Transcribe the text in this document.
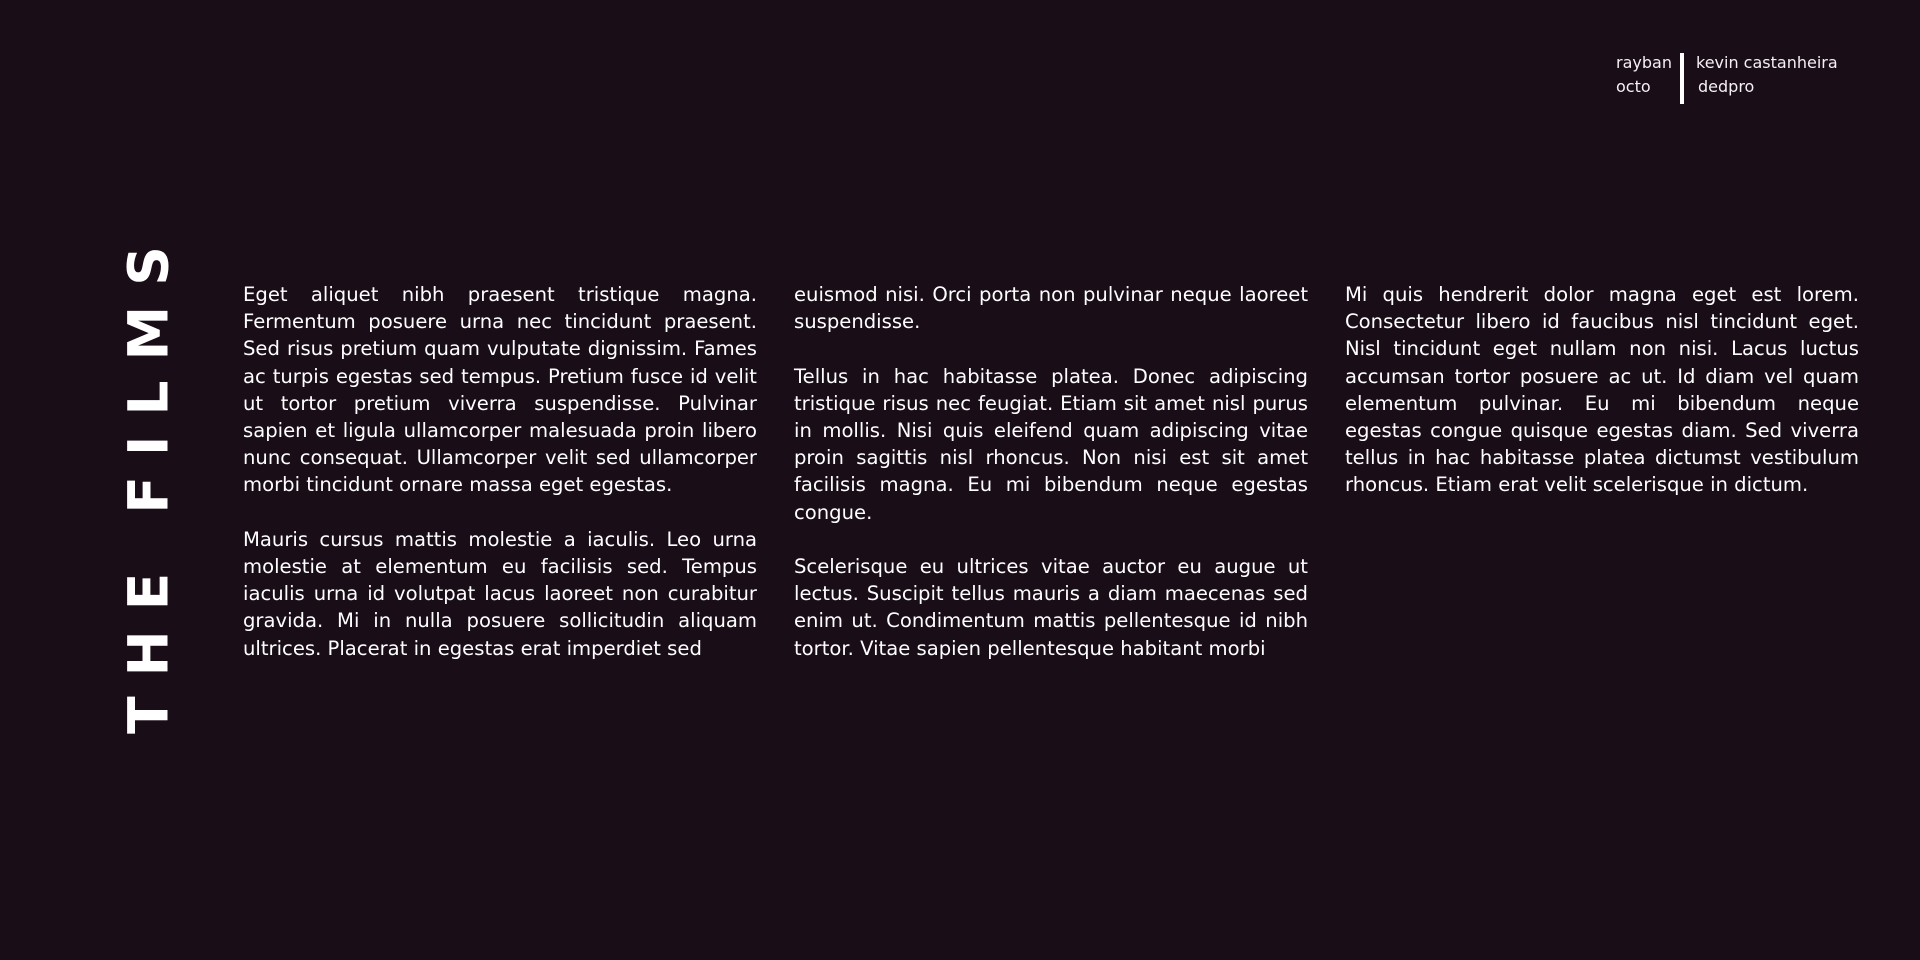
rayban
octo
kevin castanheira
dedpro
THE FILMS	Eget aliquet nibh praesent tristique magna. Fermentum posuere urna nec tincidunt praesent. Sed risus pretium quam vulputate dignissim. Fames ac turpis egestas sed tempus. Pretium fusce id velit ut tortor pretium viverra suspendisse. Pulvinar sapien et ligula ullamcorper malesuada proin libero nunc consequat. Ullamcorper velit sed ullamcorper morbi tincidunt ornare massa eget egestas.

Mauris cursus mattis molestie a iaculis. Leo urna molestie at elementum eu facilisis sed. Tempus iaculis urna id volutpat lacus laoreet non curabitur gravida. Mi in nulla posuere sollicitudin aliquam ultrices. Placerat in egestas erat imperdiet sed

euismod nisi. Orci porta non pulvinar neque laoreet suspendisse.

Tellus in hac habitasse platea. Donec adipiscing tristique risus nec feugiat. Etiam sit amet nisl purus in mollis. Nisi quis eleifend quam adipiscing vitae proin sagittis nisl rhoncus. Non nisi est sit amet facilisis magna. Eu mi bibendum neque egestas congue.

Scelerisque eu ultrices vitae auctor eu augue ut lectus. Suscipit tellus mauris a diam maecenas sed enim ut. Condimentum mattis pellentesque id nibh tortor. Vitae sapien pellentesque habitant morbi

Mi quis hendrerit dolor magna eget est lorem. Consectetur libero id faucibus nisl tincidunt eget. Nisl tincidunt eget nullam non nisi. Lacus luctus accumsan tortor posuere ac ut. Id diam vel quam elementum pulvinar. Eu mi bibendum neque egestas congue quisque egestas diam. Sed viverra tellus in hac habitasse platea dictumst vestibulum rhoncus. Etiam erat velit scelerisque in dictum.
